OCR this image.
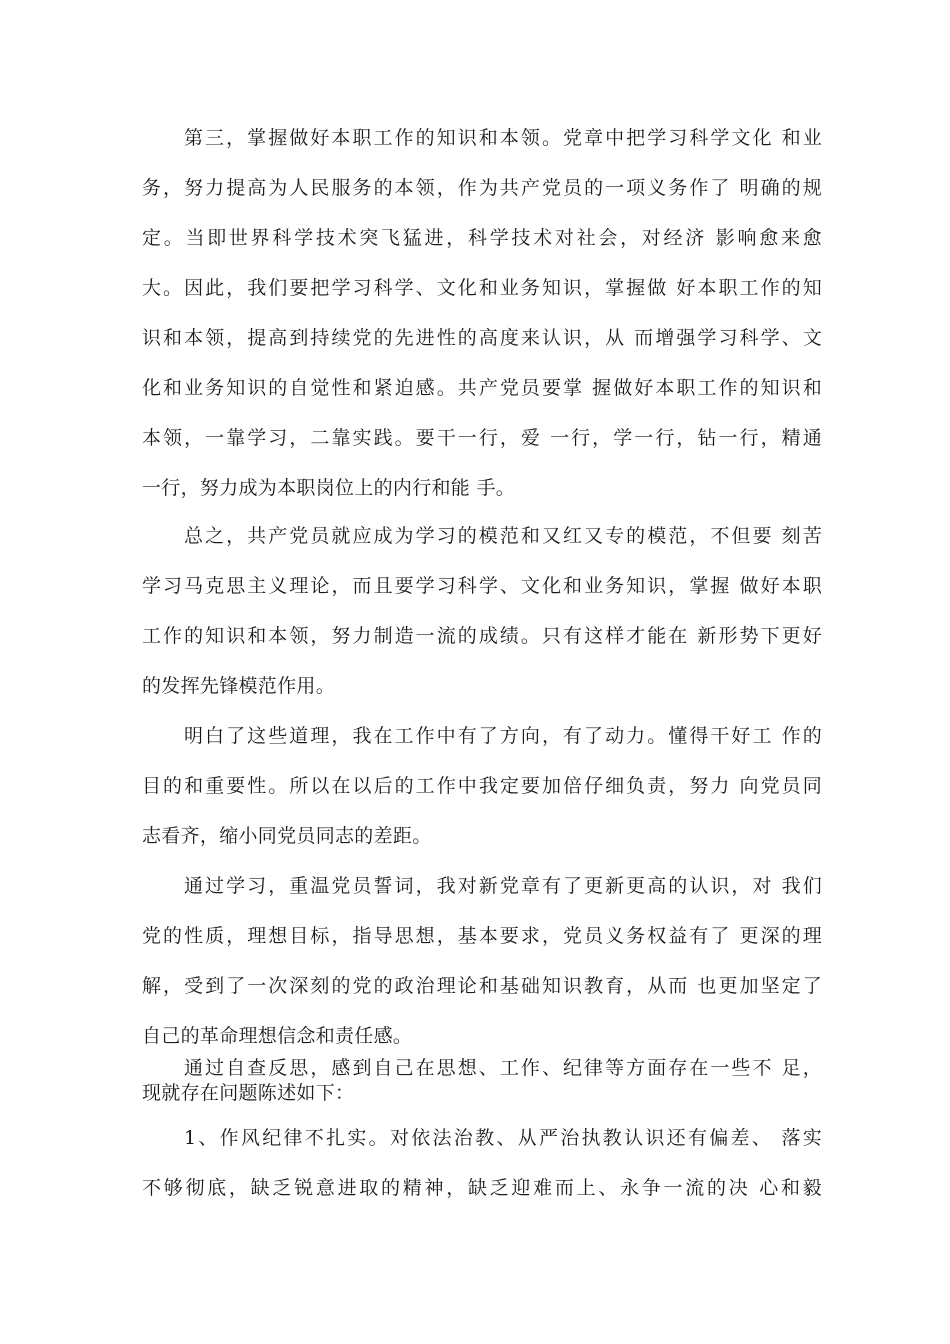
第三，掌握做好本职工作的知识和本领。党章中把学习科学文化 和业
务，努力提高为人民服务的本领，作为共产党员的一项义务作了 明确的规
定。当即世界科学技术突飞猛进，科学技术对社会，对经济 影响愈来愈
大。因此，我们要把学习科学、文化和业务知识，掌握做 好本职工作的知
识和本领，提高到持续党的先进性的高度来认识，从 而增强学习科学、文
化和业务知识的自觉性和紧迫感。共产党员要掌 握做好本职工作的知识和
本领，一靠学习，二靠实践。要干一行，爱 一行，学一行，钻一行，精通
一行，努力成为本职岗位上的内行和能 手。
总之，共产党员就应成为学习的模范和又红又专的模范，不但要 刻苦
学习马克思主义理论，而且要学习科学、文化和业务知识，掌握 做好本职
工作的知识和本领，努力制造一流的成绩。只有这样才能在 新形势下更好
的发挥先锋模范作用。
明白了这些道理，我在工作中有了方向，有了动力。懂得干好工 作的
目的和重要性。所以在以后的工作中我定要加倍仔细负责，努力 向党员同
志看齐，缩小同党员同志的差距。
通过学习，重温党员誓词，我对新党章有了更新更高的认识，对 我们
党的性质，理想目标，指导思想，基本要求，党员义务权益有了 更深的理
解，受到了一次深刻的党的政治理论和基础知识教育，从而 也更加坚定了
自己的革命理想信念和责任感。
通过自查反思，感到自己在思想、工作、纪律等方面存在一些不 足，
现就存在问题陈述如下：
1、作风纪律不扎实。对依法治教、从严治执教认识还有偏差、 落实
不够彻底，缺乏锐意进取的精神，缺乏迎难而上、永争一流的决 心和毅
